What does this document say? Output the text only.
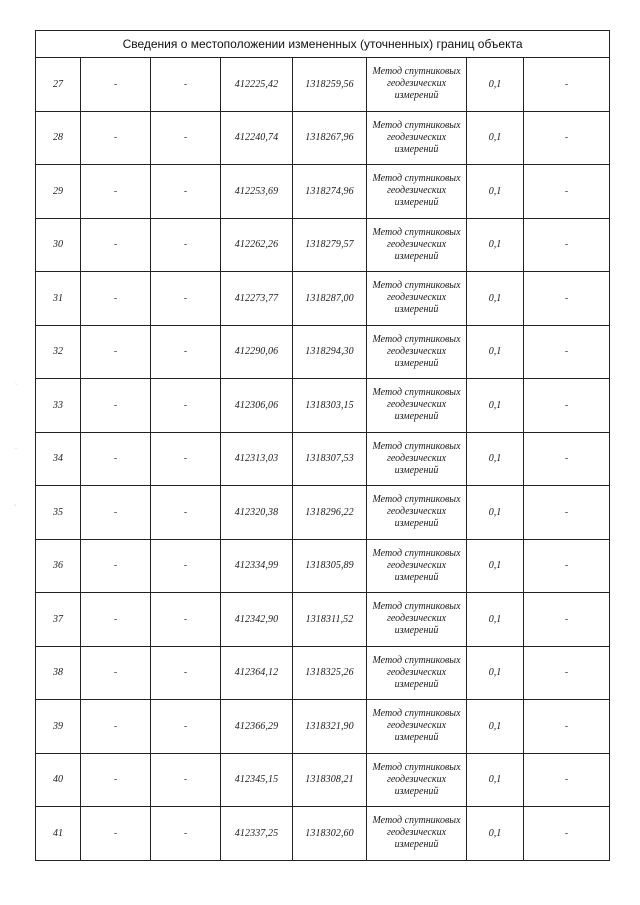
˙·
··
◦
Сведения о местоположении измененных (уточненных) границ объекта							
27	-	-	412225,42	1318259,56	Метод спутниковых
геодезических
измерений	0,1	-
28	-	-	412240,74	1318267,96	Метод спутниковых
геодезических
измерений	0,1	-
29	-	-	412253,69	1318274,96	Метод спутниковых
геодезических
измерений	0,1	-
30	-	-	412262,26	1318279,57	Метод спутниковых
геодезических
измерений	0,1	-
31	-	-	412273,77	1318287,00	Метод спутниковых
геодезических
измерений	0,1	-
32	-	-	412290,06	1318294,30	Метод спутниковых
геодезических
измерений	0,1	-
33	-	-	412306,06	1318303,15	Метод спутниковых
геодезических
измерений	0,1	-
34	-	-	412313,03	1318307,53	Метод спутниковых
геодезических
измерений	0,1	-
35	-	-	412320,38	1318296,22	Метод спутниковых
геодезических
измерений	0,1	-
36	-	-	412334,99	1318305,89	Метод спутниковых
геодезических
измерений	0,1	-
37	-	-	412342,90	1318311,52	Метод спутниковых
геодезических
измерений	0,1	-
38	-	-	412364,12	1318325,26	Метод спутниковых
геодезических
измерений	0,1	-
39	-	-	412366,29	1318321,90	Метод спутниковых
геодезических
измерений	0,1	-
40	-	-	412345,15	1318308,21	Метод спутниковых
геодезических
измерений	0,1	-
41	-	-	412337,25	1318302,60	Метод спутниковых
геодезических
измерений	0,1	-
